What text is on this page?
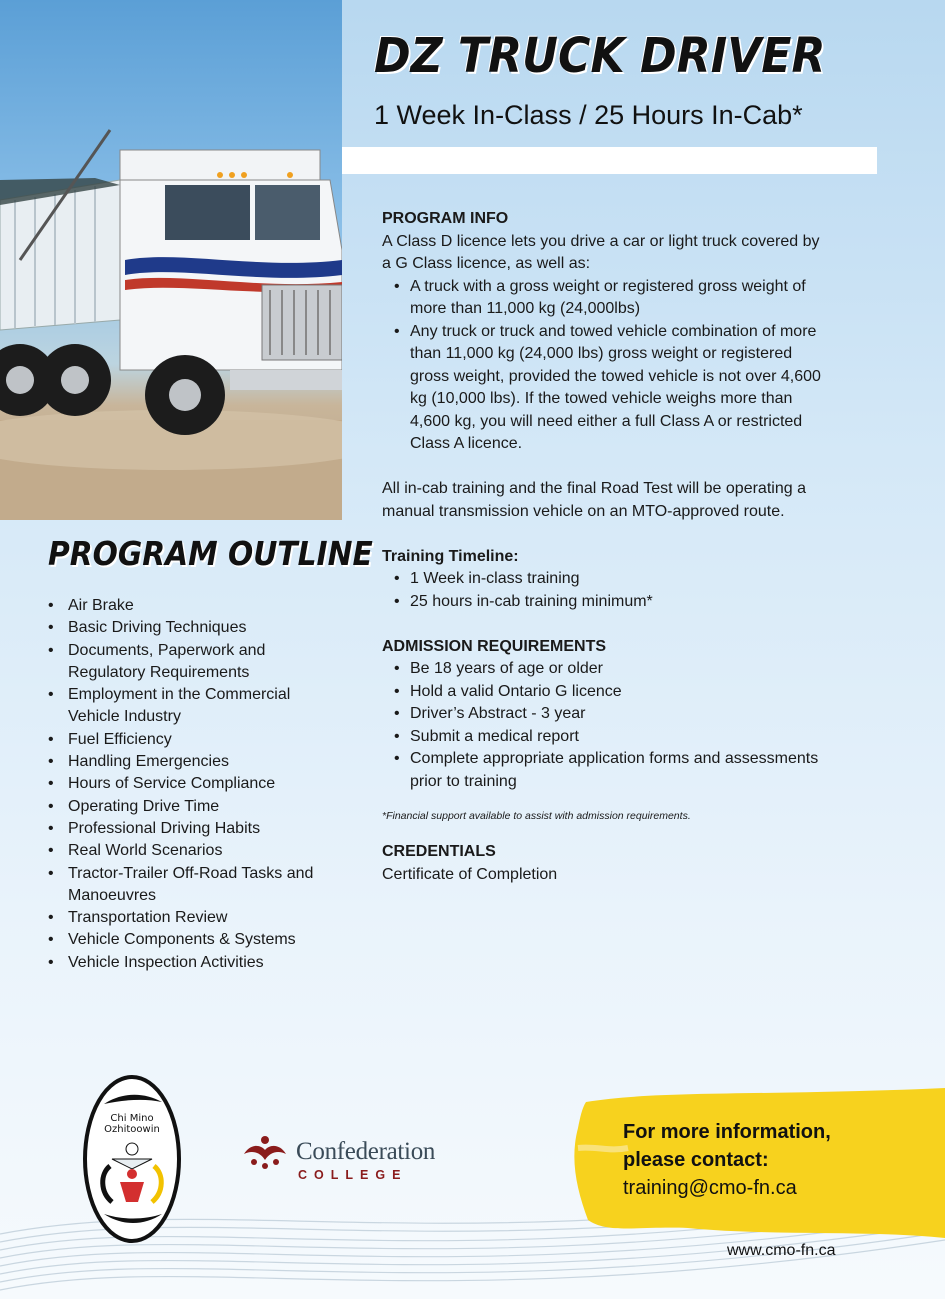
DZ TRUCK DRIVER
1 Week In-Class / 25 Hours In-Cab*
PROGRAM INFO

A Class D licence lets you drive a car or light truck covered by a G Class licence, as well as:

• A truck with a gross weight or registered gross weight of more than 11,000 kg (24,000lbs)
• Any truck or truck and towed vehicle combination of more than 11,000 kg (24,000 lbs) gross weight or registered gross weight, provided the towed vehicle is not over 4,600 kg (10,000 lbs). If the towed vehicle weighs more than 4,600 kg, you will need either a full Class A or restricted Class A licence.

All in-cab training and the final Road Test will be operating a manual transmission vehicle on an MTO-approved route.

Training Timeline:
• 1 Week in-class training
• 25 hours in-cab training minimum*
ADMISSION REQUIREMENTS
• Be 18 years of age or older
• Hold a valid Ontario G licence
• Driver’s Abstract - 3 year
• Submit a medical report
• Complete appropriate application forms and assessments prior to training

*Financial support available to assist with admission requirements.

CREDENTIALS

Certificate of Completion

PROGRAM OUTLINE
• Air Brake
• Basic Driving Techniques
• Documents, Paperwork and Regulatory Requirements
• Employment in the Commercial Vehicle Industry
• Fuel Efficiency
• Handling Emergencies
• Hours of Service Compliance
• Operating Drive Time
• Professional Driving Habits
• Real World Scenarios
• Tractor-Trailer Off-Road Tasks and Manoeuvres
• Transportation Review
• Vehicle Components & Systems
• Vehicle Inspection Activities
Chi Mino
Ozhitoowin
Confederation
COLLEGE
For more information,
please contact:
training@cmo-fn.ca
www.cmo-fn.ca
